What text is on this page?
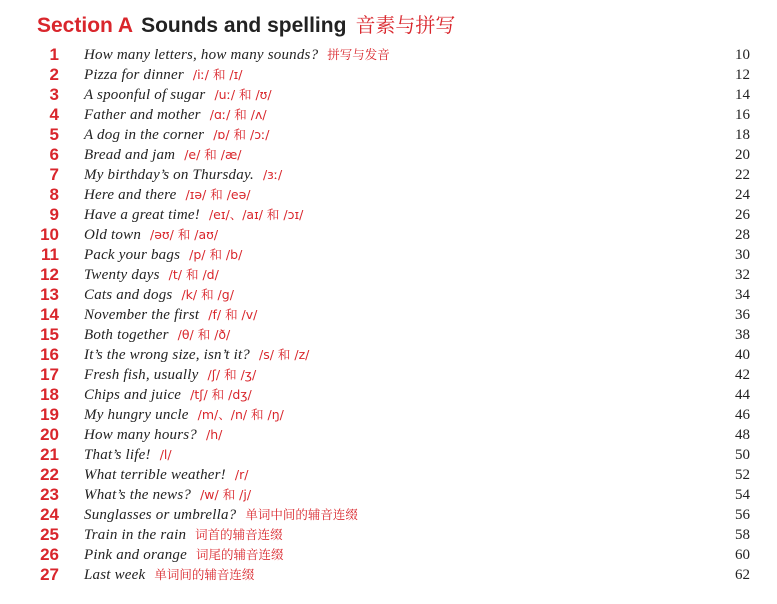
Section A Sounds and spelling 音素与拼写
1 How many letters, how many sounds? 拼写与发音	10
2 Pizza for dinner /iː/ 和 /ɪ/	12
3 A spoonful of sugar /uː/ 和 /ʊ/	14
4 Father and mother /ɑː/ 和 /ʌ/	16
5 A dog in the corner /ɒ/ 和 /ɔː/	18
6 Bread and jam /e/ 和 /æ/	20
7 My birthday’s on Thursday. /ɜː/	22
8 Here and there /ɪə/ 和 /eə/	24
9 Have a great time! /eɪ/、/aɪ/ 和 /ɔɪ/	26
10 Old town /əʊ/ 和 /aʊ/	28
11 Pack your bags /p/ 和 /b/	30
12 Twenty days /t/ 和 /d/	32
13 Cats and dogs /k/ 和 /g/	34
14 November the first /f/ 和 /v/	36
15 Both together /θ/ 和 /ð/	38
16 It’s the wrong size, isn’t it? /s/ 和 /z/	40
17 Fresh fish, usually /ʃ/ 和 /ʒ/	42
18 Chips and juice /tʃ/ 和 /dʒ/	44
19 My hungry uncle /m/、/n/ 和 /ŋ/	46
20 How many hours? /h/	48
21 That’s life! /l/	50
22 What terrible weather! /r/	52
23 What’s the news? /w/ 和 /j/	54
24 Sunglasses or umbrella? 单词中间的辅音连缀	56
25 Train in the rain 词首的辅音连缀	58
26 Pink and orange 词尾的辅音连缀	60
27 Last week 单词间的辅音连缀	62
